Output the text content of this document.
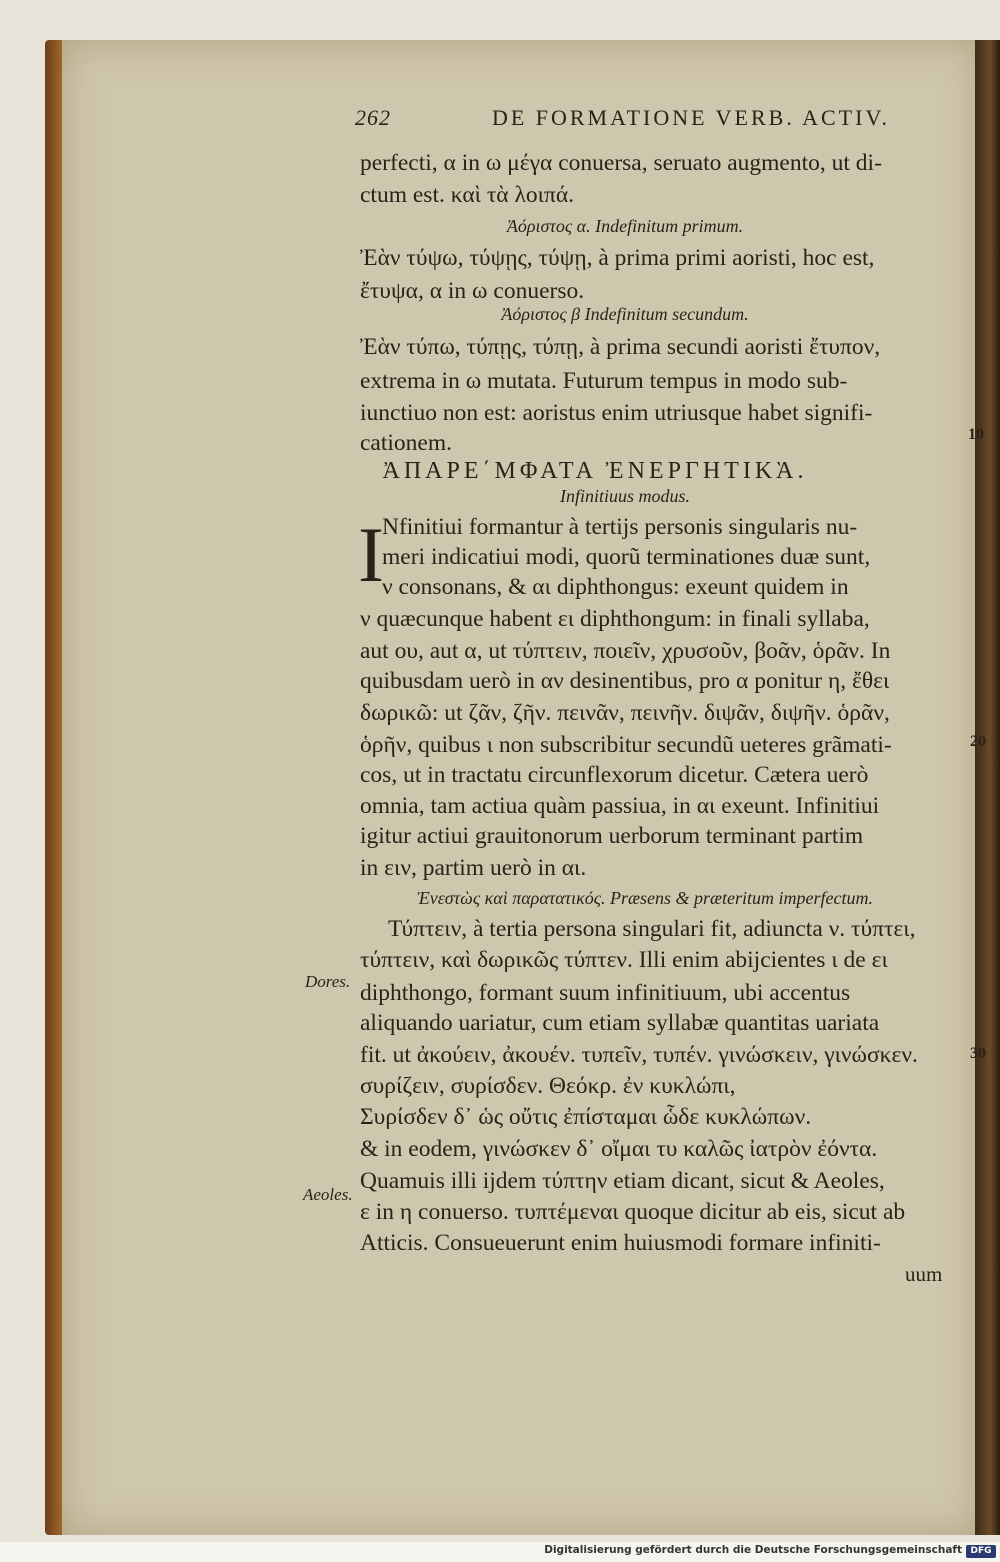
262	DE FORMATIONE VERB. ACTIV.
perfecti, α in ω μέγα conuersa, seruato augmento, ut di-
ctum est. καὶ τὰ λοιπά.
Ἀόριστος α. Indefinitum primum.
Ἐὰν τύψω, τύψῃς, τύψῃ, à prima primi aoristi, hoc est,
ἔτυψα, α in ω conuerso.
Ἀόριστος β Indefinitum secundum.
Ἐὰν τύπω, τύπῃς, τύπῃ, à prima secundi aoristi ἔτυπον,
extrema in ω mutata. Futurum tempus in modo sub-
iunctiuo non est: aoristus enim utriusque habet signifi-
cationem.
ἈΠΑΡΕ΄ΜΦΑΤΑ ἘΝΕΡΓΗΤΙΚᾺ.
Infinitiuus modus.
Nfinitiui formantur à tertijs personis singularis nu-
meri indicatiui modi, quorũ terminationes duæ sunt,
ν consonans, & αι diphthongus: exeunt quidem in
ν quæcunque habent ει diphthongum: in finali syllaba,
aut ου, aut α, ut τύπτειν, ποιεῖν, χρυσοῦν, βοᾶν, ὁρᾶν. In
quibusdam uerò in αν desinentibus, pro α ponitur η, ἔθει
δωρικῶ: ut ζᾶν, ζῆν. πεινᾶν, πεινῆν. διψᾶν, διψῆν. ὁρᾶν,
ὁρῆν, quibus ι non subscribitur secundũ ueteres grãmati-
cos, ut in tractatu circunflexorum dicetur. Cætera uerò
omnia, tam actiua quàm passiua, in αι exeunt. Infinitiui
igitur actiui grauitonorum uerborum terminant partim
in ειν, partim uerò in αι.
Ἐνεστὼς καὶ παρατατικός. Præsens & præteritum imperfectum.
Τύπτειν, à tertia persona singulari fit, adiuncta ν. τύπτει,
τύπτειν, καὶ δωρικῶς τύπτεν. Illi enim abijcientes ι de ει
diphthongo, formant suum infinitiuum, ubi accentus
aliquando uariatur, cum etiam syllabæ quantitas uariata
fit. ut ἀκούειν, ἀκουέν. τυπεῖν, τυπέν. γινώσκειν, γινώσκεν.
συρίζειν, συρίσδεν. Θεόκρ. ἐν κυκλώπι,
Συρίσδεν δ᾽ ὡς οὔτις ἐπίσταμαι ὧδε κυκλώπων.
& in eodem, γινώσκεν δ᾽ οἴμαι τυ καλῶς ἰατρὸν ἐόντα.
Quamuis illi ijdem τύπτην etiam dicant, sicut & Aeoles,
ε in η conuerso. τυπτέμεναι quoque dicitur ab eis, sicut ab
Atticis. Consueuerunt enim huiusmodi formare infiniti-
I
uum
Dores.
Aeoles.
10
20
30
Digitalisierung gefördert durch die Deutsche Forschungsgemeinschaft DFG
